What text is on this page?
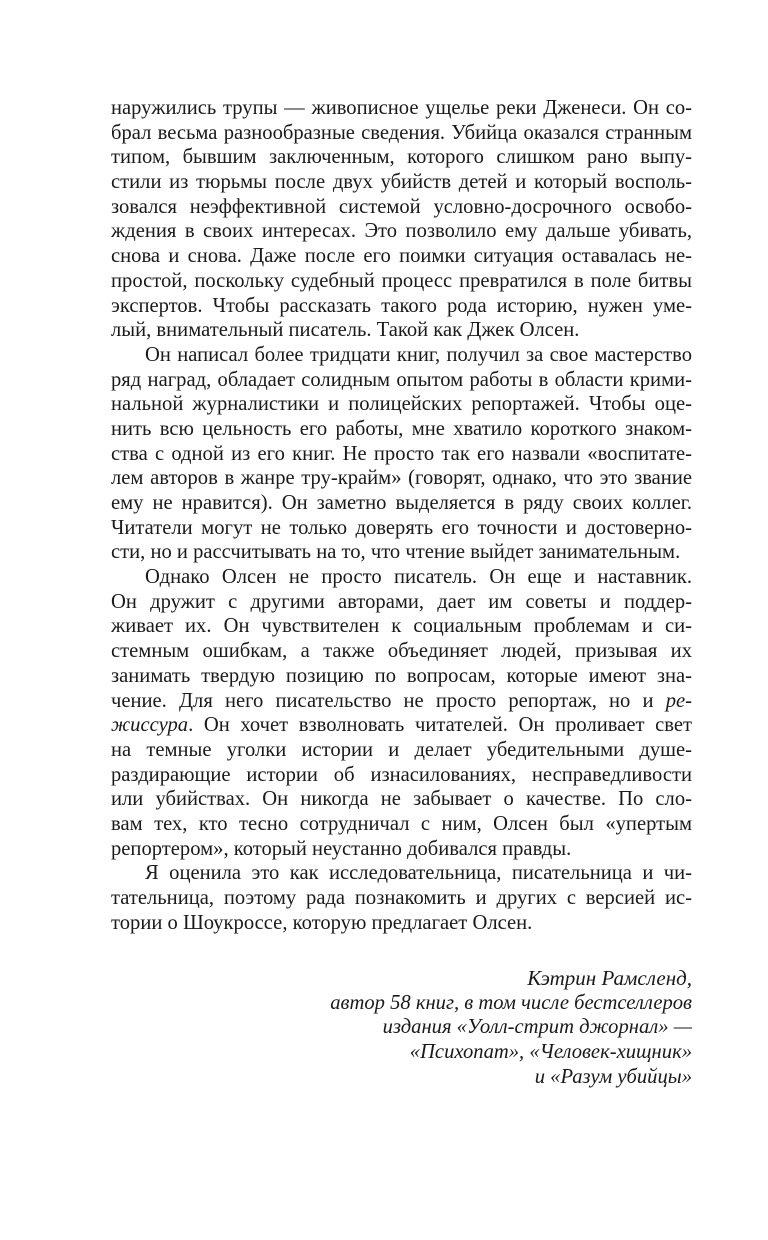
наружились трупы — живописное ущелье реки Дженеси. Он со-
брал весьма разнообразные сведения. Убийца оказался странным
типом, бывшим заключенным, которого слишком рано выпу-
стили из тюрьмы после двух убийств детей и который восполь-
зовался неэффективной системой условно-досрочного освобо-
ждения в своих интересах. Это позволило ему дальше убивать,
снова и снова. Даже после его поимки ситуация оставалась не-
простой, поскольку судебный процесс превратился в поле битвы
экспертов. Чтобы рассказать такого рода историю, нужен уме-
лый, внимательный писатель. Такой как Джек Олсен.
Он написал более тридцати книг, получил за свое мастерство
ряд наград, обладает солидным опытом работы в области крими-
нальной журналистики и полицейских репортажей. Чтобы оце-
нить всю цельность его работы, мне хватило короткого знаком-
ства с одной из его книг. Не просто так его назвали «воспитате-
лем авторов в жанре тру-крайм» (говорят, однако, что это звание
ему не нравится). Он заметно выделяется в ряду своих коллег.
Читатели могут не только доверять его точности и достоверно-
сти, но и рассчитывать на то, что чтение выйдет занимательным.
Однако Олсен не просто писатель. Он еще и наставник.
Он дружит с другими авторами, дает им советы и поддер-
живает их. Он чувствителен к социальным проблемам и си-
стемным ошибкам, а также объединяет людей, призывая их
занимать твердую позицию по вопросам, которые имеют зна-
чение. Для него писательство не просто репортаж, но и ре-
жиссура. Он хочет взволновать читателей. Он проливает свет
на темные уголки истории и делает убедительными душе-
раздирающие истории об изнасилованиях, несправедливости
или убийствах. Он никогда не забывает о качестве. По сло-
вам тех, кто тесно сотрудничал с ним, Олсен был «упертым
репортером», который неустанно добивался правды.
Я оценила это как исследовательница, писательница и чи-
тательница, поэтому рада познакомить и других с версией ис-
тории о Шоукроссе, которую предлагает Олсен.
Кэтрин Рамсленд,
автор 58 книг, в том числе бестселлеров
издания «Уолл-стрит джорнал» —
«Психопат», «Человек-хищник»
и «Разум убийцы»
